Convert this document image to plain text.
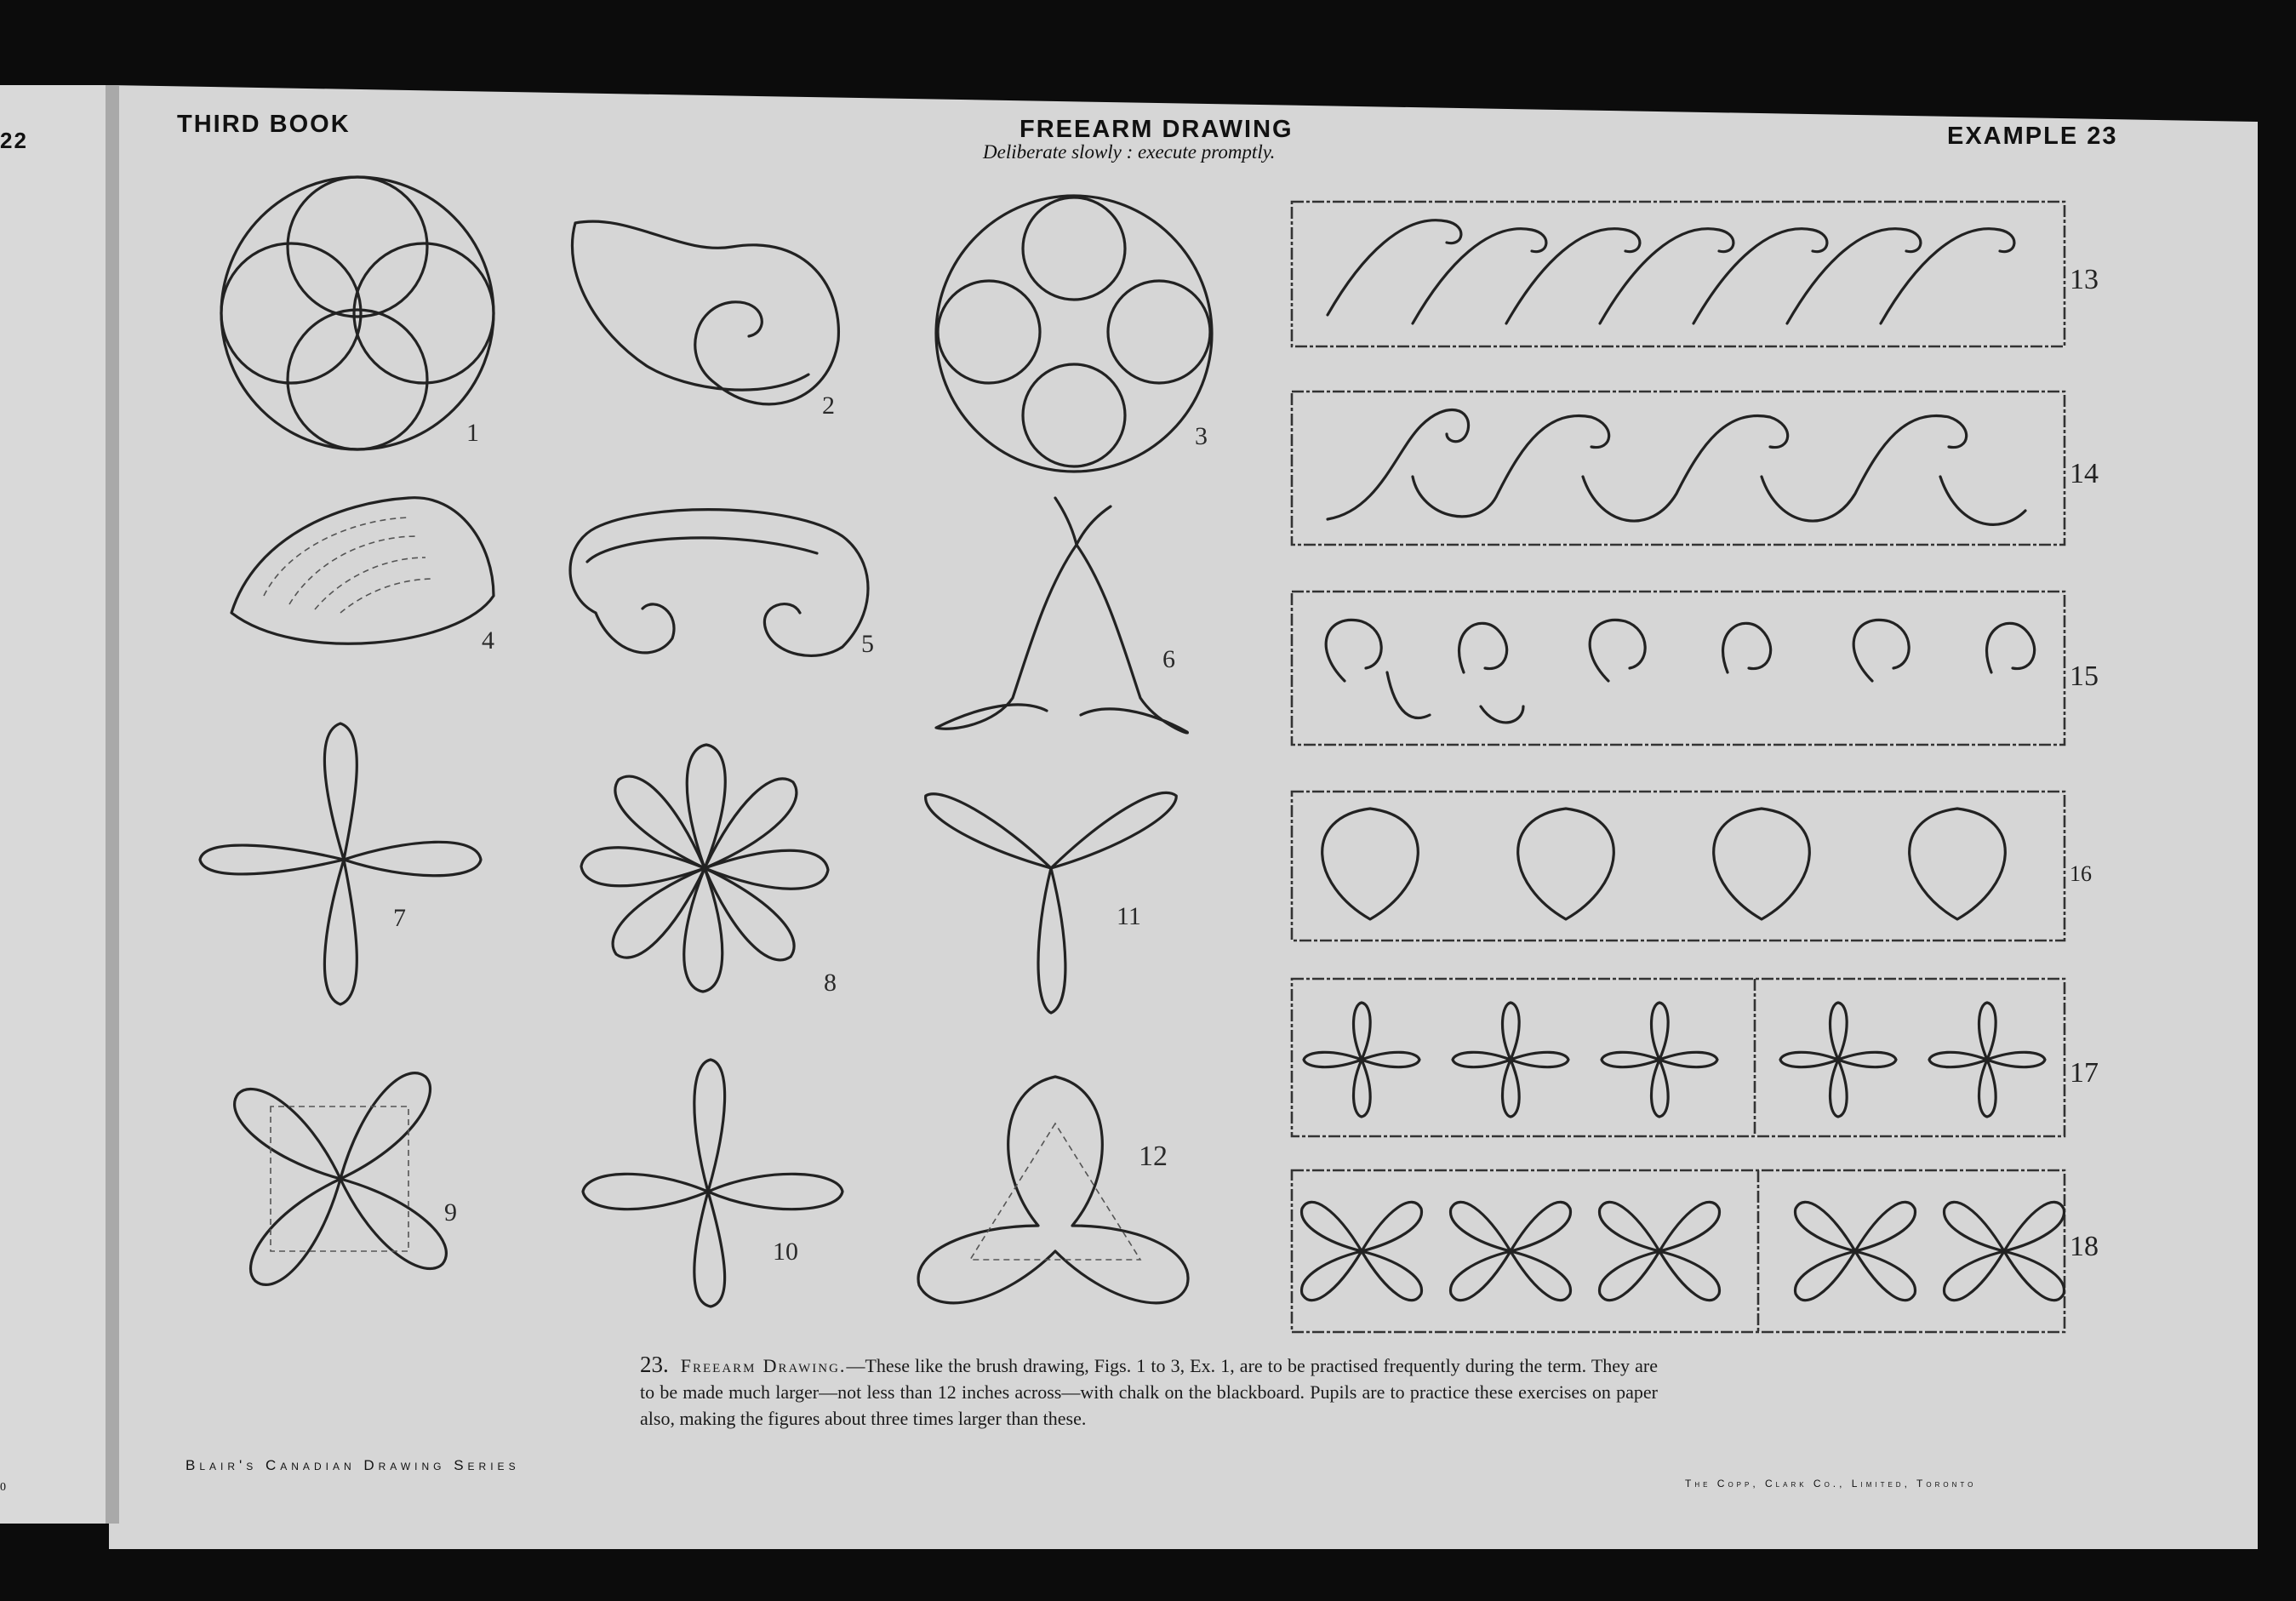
22
0
THIRD BOOK	FREEARM DRAWING
Deliberate slowly : execute promptly.
EXAMPLE 23
1
2
3
4	5
6
7
8
11
9
10
12
13
14
15
16
17
18
23. Freearm Drawing.—These like the brush drawing, Figs. 1 to 3, Ex. 1, are to be practised frequently during the term. They are to be made much larger—not less than 12 inches across—with chalk on the blackboard. Pupils are to practice these exercises on paper also, making the figures about three times larger than these.
Blair's Canadian Drawing Series
The Copp, Clark Co., Limited, Toronto
